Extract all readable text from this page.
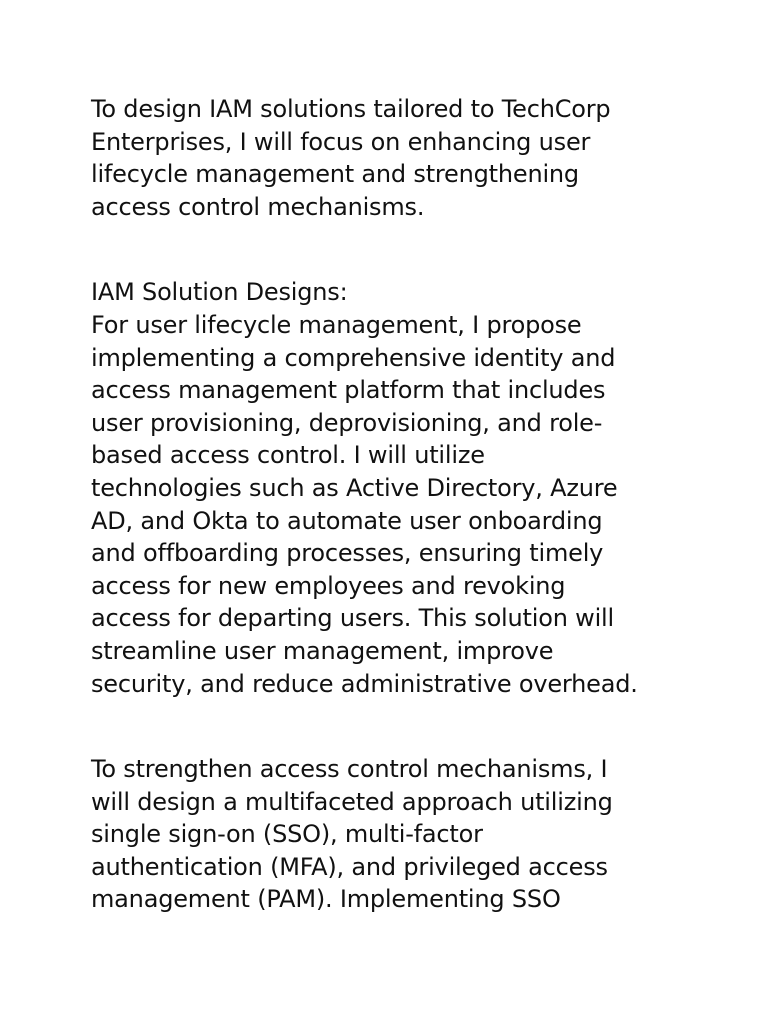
To design IAM solutions tailored to TechCorp
Enterprises, I will focus on enhancing user
lifecycle management and strengthening
access control mechanisms.

IAM Solution Designs:

For user lifecycle management, I propose
implementing a comprehensive identity and
access management platform that includes
user provisioning, deprovisioning, and role-
based access control. I will utilize
technologies such as Active Directory, Azure
AD, and Okta to automate user onboarding
and offboarding processes, ensuring timely
access for new employees and revoking
access for departing users. This solution will
streamline user management, improve
security, and reduce administrative overhead.

To strengthen access control mechanisms, I
will design a multifaceted approach utilizing
single sign-on (SSO), multi-factor
authentication (MFA), and privileged access
management (PAM). Implementing SSO
